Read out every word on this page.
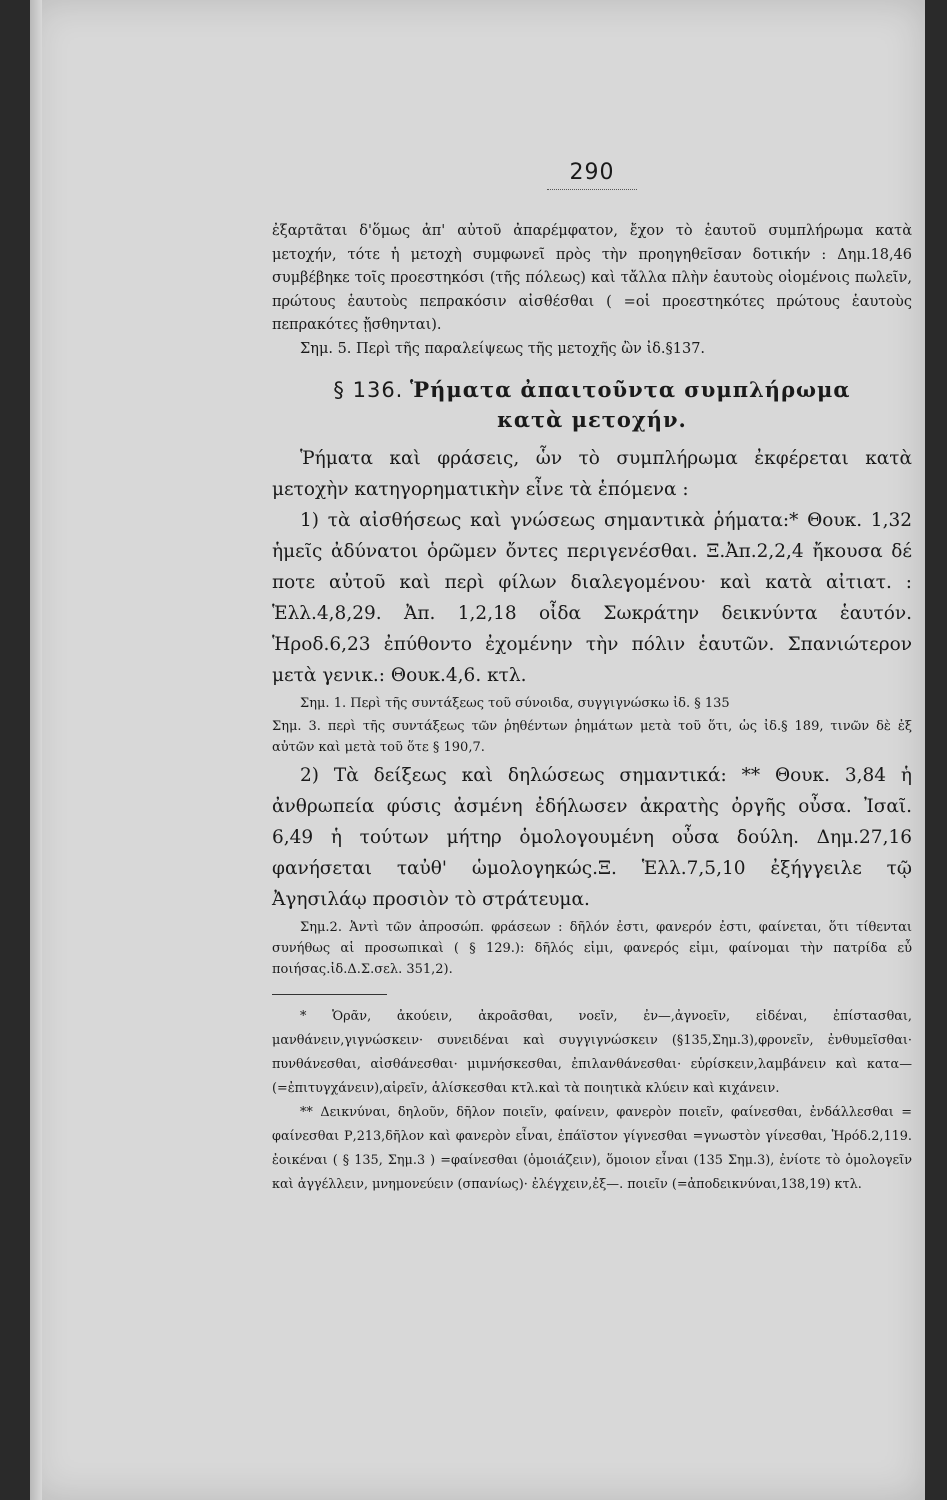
290

ἐξαρτᾶται δ'ὅμως ἀπ' αὐτοῦ ἀπαρέμφατον, ἔχον τὸ ἑαυτοῦ συμπλήρωμα κατὰ μετοχήν, τότε ἡ μετοχὴ συμφωνεῖ πρὸς τὴν προηγηθεῖσαν δοτικήν : Δημ.18,46 συμβέβηκε τοῖς προεστηκόσι (τῆς πόλεως) καὶ τἄλλα πλὴν ἑαυτοὺς οἰομένοις πωλεῖν, πρώτους ἑαυτοὺς πεπρακόσιν αἰσθέσθαι ( =οἱ προεστηκότες πρώτους ἑαυτοὺς πεπρακότες ᾔσθηνται).

Σημ. 5. Περὶ τῆς παραλείψεως τῆς μετοχῆς ὢν ἰδ.§137.

§ 136. Ῥήματα ἀπαιτοῦντα συμπλήρωμα
κατὰ μετοχήν.

Ῥήματα καὶ φράσεις, ὧν τὸ συμπλήρωμα ἐκφέρεται κατὰ μετοχὴν κατηγορηματικὴν εἶνε τὰ ἑπόμενα :

1) τὰ αἰσθήσεως καὶ γνώσεως σημαντικὰ ῥήματα:* Θουκ. 1,32 ἡμεῖς ἀδύνατοι ὁρῶμεν ὄντες περιγενέσθαι. Ξ.Ἀπ.2,2,4 ἤκουσα δέ ποτε αὐτοῦ καὶ περὶ φίλων διαλεγομένου· καὶ κατὰ αἰτιατ. : Ἑλλ.4,8,29. Ἀπ. 1,2,18 οἶδα Σωκράτην δεικνύντα ἑαυτόν. Ἡροδ.6,23 ἐπύθοντο ἐχομένην τὴν πόλιν ἑαυτῶν. Σπανιώτερον μετὰ γενικ.: Θουκ.4,6. κτλ.

Σημ. 1. Περὶ τῆς συντάξεως τοῦ σύνοιδα, συγγιγνώσκω ἰδ. § 135

Σημ. 3. περὶ τῆς συντάξεως τῶν ῥηθέντων ῥημάτων μετὰ τοῦ ὅτι, ὡς ἰδ.§ 189, τινῶν δὲ ἐξ αὐτῶν καὶ μετὰ τοῦ ὅτε § 190,7.

2) Τὰ δείξεως καὶ δηλώσεως σημαντικά: ** Θουκ. 3,84 ἡ ἀνθρωπεία φύσις ἀσμένη ἐδήλωσεν ἀκρατὴς ὀργῆς οὖσα. Ἰσαῖ. 6,49 ἡ τούτων μήτηρ ὁμολογουμένη οὖσα δούλη. Δημ.27,16 φανήσεται ταὐθ' ὡμολογηκώς.Ξ. Ἑλλ.7,5,10 ἐξήγγειλε τῷ Ἀγησιλάῳ προσιὸν τὸ στράτευμα.

Σημ.2. Ἀντὶ τῶν ἀπροσώπ. φράσεων : δῆλόν ἐστι, φανερόν ἐστι, φαίνεται, ὅτι τίθενται συνήθως αἱ προσωπικαὶ ( § 129.): δῆλός εἰμι, φανερός εἰμι, φαίνομαι τὴν πατρίδα εὖ ποιήσας.ἰδ.Δ.Σ.σελ. 351,2).

* Ὁρᾶν, ἀκούειν, ἀκροᾶσθαι, νοεῖν, ἐν—,ἀγνοεῖν, εἰδέναι, ἐπίστασθαι, μανθάνειν,γιγνώσκειν· συνειδέναι καὶ συγγιγνώσκειν (§135,Σημ.3),φρονεῖν, ἐνθυμεῖσθαι· πυνθάνεσθαι, αἰσθάνεσθαι· μιμνήσκεσθαι, ἐπιλανθάνεσθαι· εὑρίσκειν,λαμβάνειν καὶ κατα—(=ἐπιτυγχάνειν),αἱρεῖν, ἁλίσκεσθαι κτλ.καὶ τὰ ποιητικὰ κλύειν καὶ κιχάνειν.

** Δεικνύναι, δηλοῦν, δῆλον ποιεῖν, φαίνειν, φανερὸν ποιεῖν, φαίνεσθαι, ἐνδάλλεσθαι = φαίνεσθαι Ρ,213,δῆλον καὶ φανερὸν εἶναι, ἐπάϊστον γίγνεσθαι =γνωστὸν γίνεσθαι, Ἡρόδ.2,119. ἐοικέναι ( § 135, Σημ.3 ) =φαίνεσθαι (ὁμοιάζειν), ὅμοιον εἶναι (135 Σημ.3), ἐνίοτε τὸ ὁμολογεῖν καὶ ἀγγέλλειν, μνημονεύειν (σπανίως)· ἐλέγχειν,ἐξ—. ποιεῖν (=ἀποδεικνύναι,138,19) κτλ.
